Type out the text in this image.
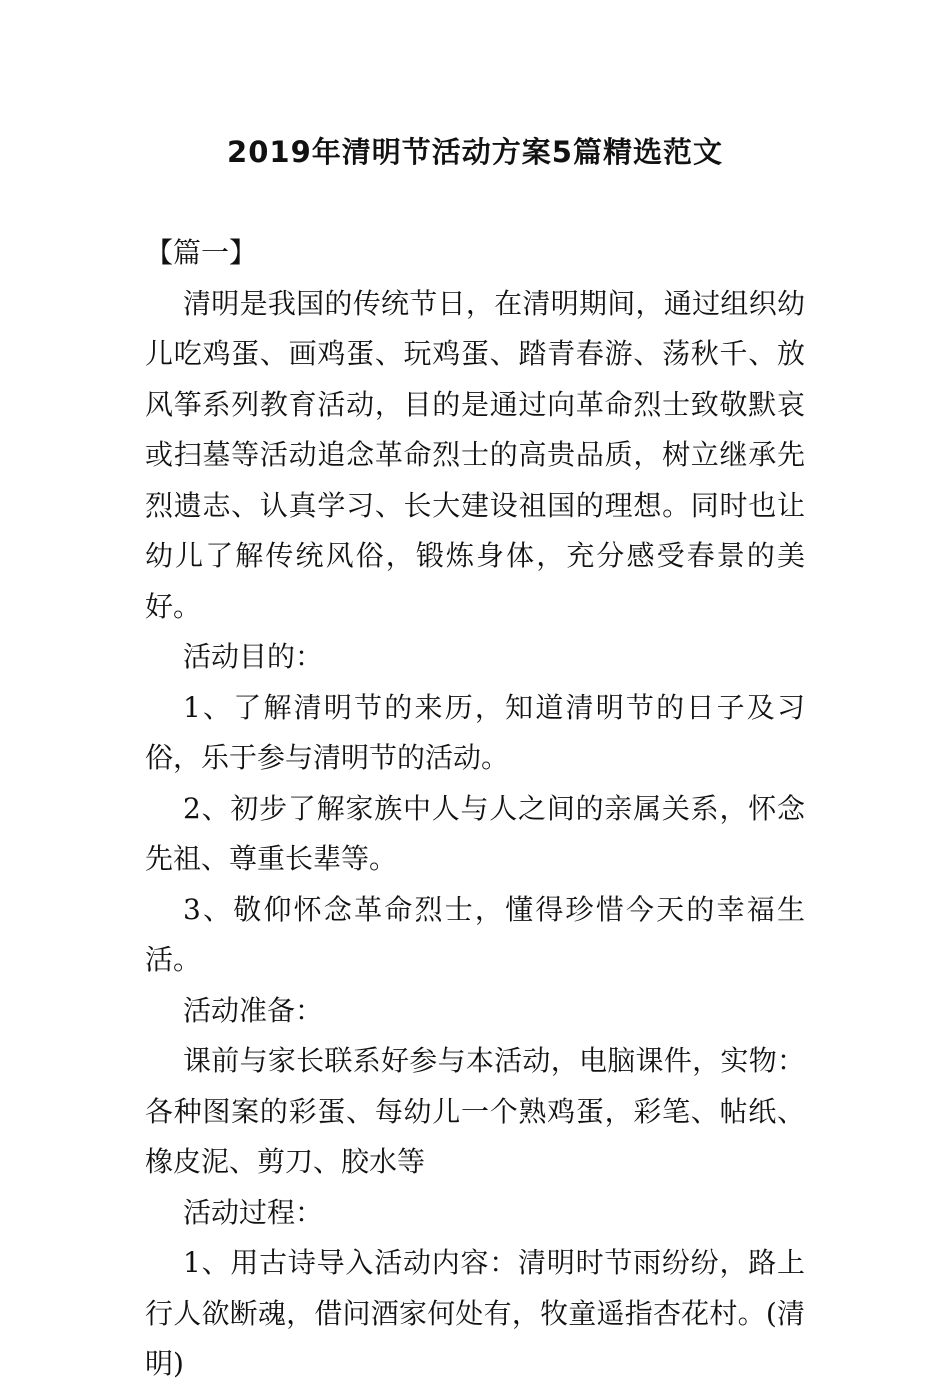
2019年清明节活动方案5篇精选范文

【篇一】

清明是我国的传统节日，在清明期间，通过组织幼儿吃鸡蛋、画鸡蛋、玩鸡蛋、踏青春游、荡秋千、放风筝系列教育活动，目的是通过向革命烈士致敬默哀或扫墓等活动追念革命烈士的高贵品质，树立继承先烈遗志、认真学习、长大建设祖国的理想。同时也让幼儿了解传统风俗，锻炼身体，充分感受春景的美好。

活动目的：

1、了解清明节的来历，知道清明节的日子及习俗，乐于参与清明节的活动。

2、初步了解家族中人与人之间的亲属关系，怀念先祖、尊重长辈等。

3、敬仰怀念革命烈士，懂得珍惜今天的幸福生活。

活动准备：

课前与家长联系好参与本活动，电脑课件，实物：各种图案的彩蛋、每幼儿一个熟鸡蛋，彩笔、帖纸、橡皮泥、剪刀、胶水等

活动过程：

1、用古诗导入活动内容：清明时节雨纷纷，路上行人欲断魂，借问酒家何处有，牧童遥指杏花村。(清明)
